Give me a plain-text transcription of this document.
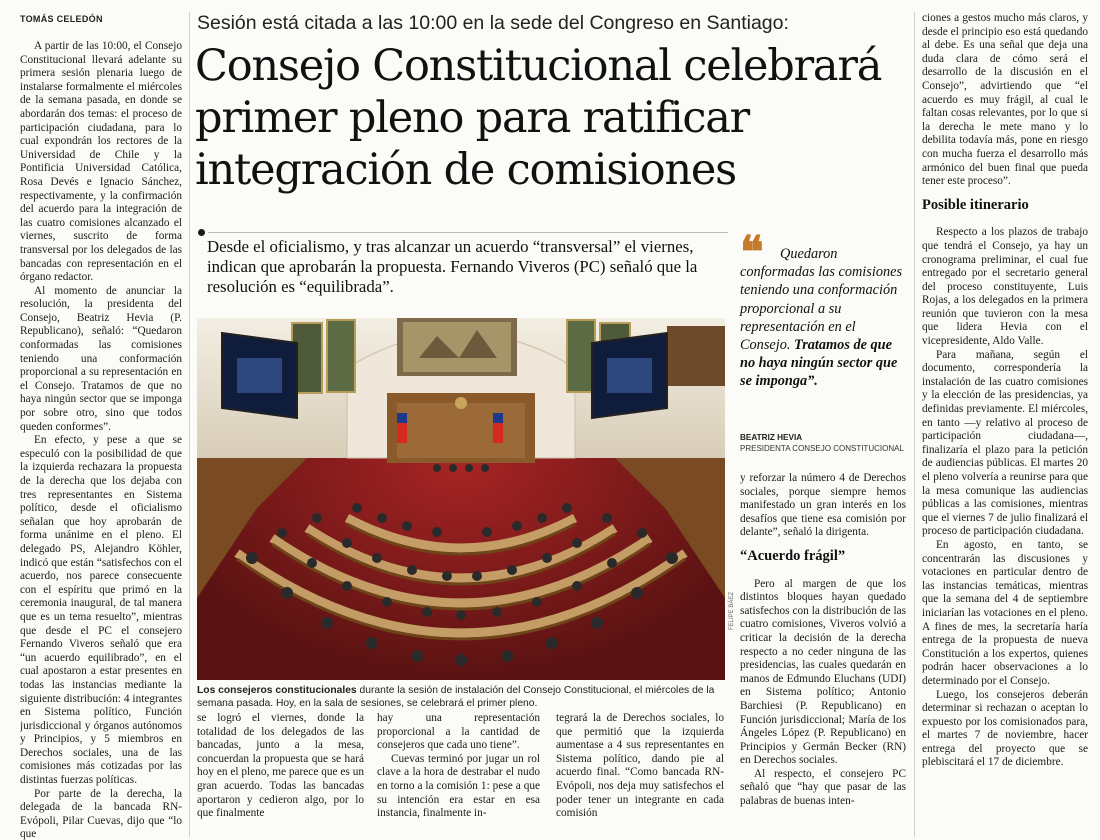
TOMÁS CELEDÓN

A partir de las 10:00, el Consejo Constitucional llevará adelante su primera sesión plenaria luego de instalarse formalmente el miércoles de la semana pasada, en donde se abordarán dos temas: el proceso de participación ciudadana, para lo cual expondrán los rectores de la Universidad de Chile y la Pontificia Universidad Católica, Rosa Devés e Ignacio Sánchez, respectivamente, y la confirmación del acuerdo para la integración de las cuatro comisiones alcanzado el viernes, suscrito de forma transversal por los delegados de las bancadas con representación en el órgano redactor.

Al momento de anunciar la resolución, la presidenta del Consejo, Beatriz Hevia (P. Republicano), señaló: “Quedaron conformadas las comisiones teniendo una conformación proporcional a su representación en el Consejo. Tratamos de que no haya ningún sector que se imponga por sobre otro, sino que todos queden conformes”.

En efecto, y pese a que se especuló con la posibilidad de que la izquierda rechazara la propuesta de la derecha que los dejaba con tres representantes en Sistema político, desde el oficialismo señalan que hoy aprobarán de forma unánime en el pleno. El delegado PS, Alejandro Köhler, indicó que están “satisfechos con el acuerdo, nos parece consecuente con el espíritu que primó en la ceremonia inaugural, de tal manera que es un tema resuelto”, mientras que desde el PC el consejero Fernando Viveros señaló que era “un acuerdo equilibrado”, en el cual apostaron a estar presentes en todas las instancias mediante la siguiente distribución: 4 integrantes en Sistema político, Función jurisdiccional y órganos autónomos y Principios, y 5 miembros en Derechos sociales, una de las comisiones más cotizadas por las distintas fuerzas políticas.

Por parte de la derecha, la delegada de la bancada RN-Evópoli, Pilar Cuevas, dijo que “lo que

Sesión está citada a las 10:00 en la sede del Congreso en Santiago:
Consejo Constitucional celebrará
primer pleno para ratificar
integración de comisiones
Desde el oficialismo, y tras alcanzar un acuerdo “transversal” el viernes, indican que aprobarán la propuesta. Fernando Viveros (PC) señaló que la resolución es “equilibrada”.
FELIPE BÁEZ
Los consejeros constitucionales durante la sesión de instalación del Consejo Constitucional, el miércoles de la semana pasada. Hoy, en la sala de sesiones, se celebrará el primer pleno.

se logró el viernes, donde la totalidad de los delegados de las bancadas, junto a la mesa, concuerdan la propuesta que se hará hoy en el pleno, me parece que es un gran acuerdo. Todas las bancadas aportaron y cedieron algo, por lo que finalmente

hay una representación proporcional a la cantidad de consejeros que cada uno tiene”.

Cuevas terminó por jugar un rol clave a la hora de destrabar el nudo en torno a la comisión 1: pese a que su intención era estar en esa instancia, finalmente in-

tegrará la de Derechos sociales, lo que permitió que la izquierda aumentase a 4 sus representantes en Sistema político, dando pie al acuerdo final. “Como bancada RN-Evópoli, nos deja muy satisfechos el poder tener un integrante en cada comisión

❝	Quedaron conformadas las comisiones teniendo una conformación proporcional a su representación en el Consejo. Tratamos de que no haya ningún sector que se imponga”.
BEATRIZ HEVIA
PRESIDENTA CONSEJO CONSTITUCIONAL

y reforzar la número 4 de Derechos sociales, porque siempre hemos manifestado un gran interés en los desafíos que tiene esa comisión por delante”, señaló la dirigenta.

“Acuerdo frágil”

Pero al margen de que los distintos bloques hayan quedado satisfechos con la distribución de las cuatro comisiones, Viveros volvió a criticar la decisión de la derecha respecto a no ceder ninguna de las presidencias, las cuales quedarán en manos de Edmundo Eluchans (UDI) en Sistema político; Antonio Barchiesi (P. Republicano) en Función jurisdiccional; María de los Ángeles López (P. Republicano) en Principios y Germán Becker (RN) en Derechos sociales.

Al respecto, el consejero PC señaló que “hay que pasar de las palabras de buenas inten-

ciones a gestos mucho más claros, y desde el principio eso está quedando al debe. Es una señal que deja una duda clara de cómo será el desarrollo de la discusión en el Consejo”, advirtiendo que “el acuerdo es muy frágil, al cual le faltan cosas relevantes, por lo que si la derecha le mete mano y lo debilita todavía más, pone en riesgo con mucha fuerza el desarrollo más armónico del buen final que pueda tener este proceso”.

Posible itinerario

Respecto a los plazos de trabajo que tendrá el Consejo, ya hay un cronograma preliminar, el cual fue entregado por el secretario general del proceso constituyente, Luis Rojas, a los delegados en la primera reunión que tuvieron con la mesa que lidera Hevia con el vicepresidente, Aldo Valle.

Para mañana, según el documento, correspondería la instalación de las cuatro comisiones y la elección de las presidencias, ya definidas previamente. El miércoles, en tanto —y relativo al proceso de participación ciudadana—, finalizaría el plazo para la petición de audiencias públicas. El martes 20 el pleno volvería a reunirse para que la mesa comunique las audiencias públicas a las comisiones, mientras que el viernes 7 de julio finalizará el proceso de participación ciudadana.

En agosto, en tanto, se concentrarán las discusiones y votaciones en particular dentro de las instancias temáticas, mientras que la semana del 4 de septiembre iniciarían las votaciones en el pleno. A fines de mes, la secretaría haría entrega de la propuesta de nueva Constitución a los expertos, quienes podrán hacer observaciones a lo determinado por el Consejo.

Luego, los consejeros deberán determinar si rechazan o aceptan lo expuesto por los comisionados para, el martes 7 de noviembre, hacer entrega del proyecto que se plebiscitará el 17 de diciembre.
